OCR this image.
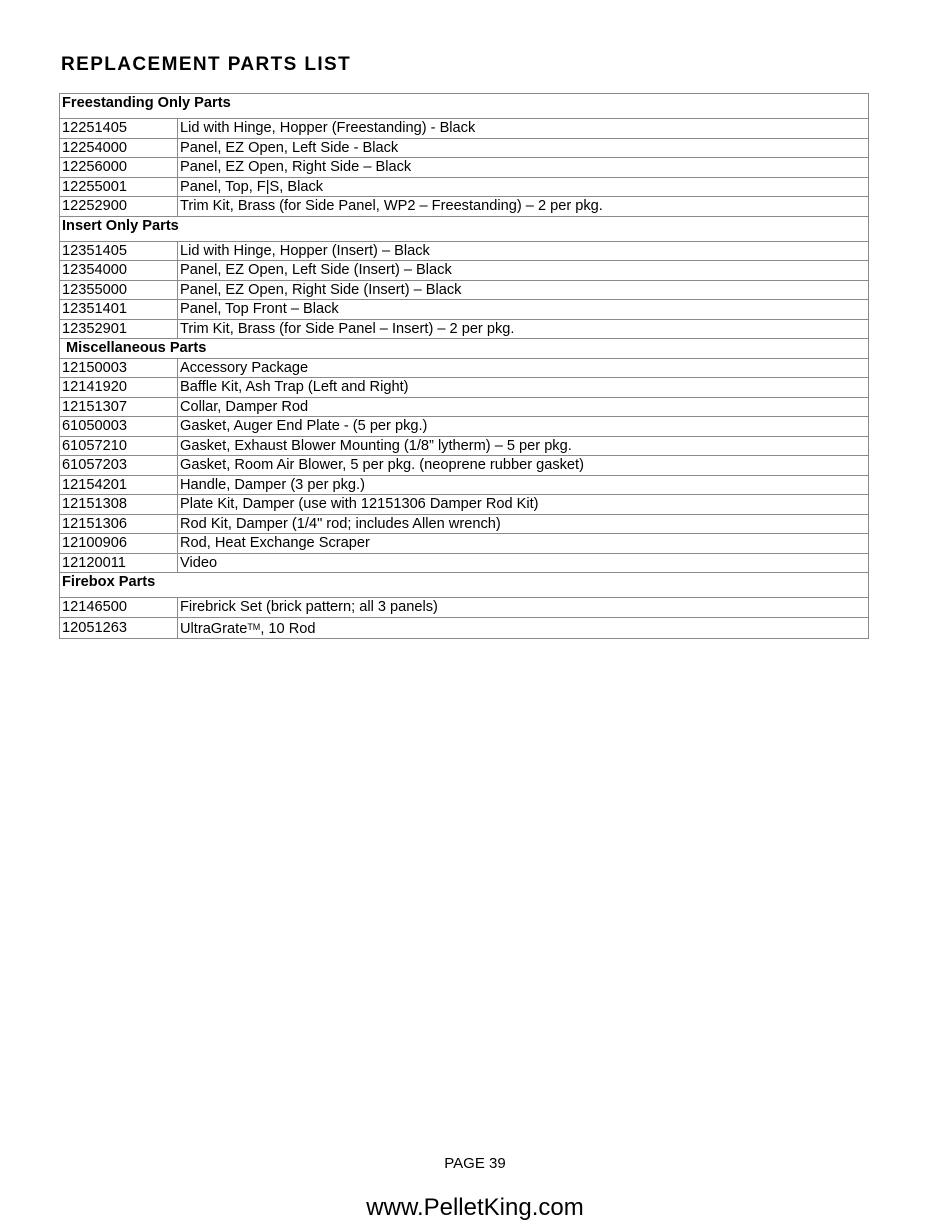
REPLACEMENT PARTS LIST
Freestanding Only Parts	
12251405	Lid with Hinge, Hopper (Freestanding) - Black
12254000	Panel, EZ Open, Left Side - Black
12256000	Panel, EZ Open, Right Side – Black
12255001	Panel, Top, F|S, Black
12252900	Trim Kit, Brass (for Side Panel, WP2 – Freestanding) – 2 per pkg.
Insert Only Parts	
12351405	Lid with Hinge, Hopper (Insert) – Black
12354000	Panel, EZ Open, Left Side (Insert) – Black
12355000	Panel, EZ Open, Right Side (Insert) – Black
12351401	Panel, Top Front – Black
12352901	Trim Kit, Brass (for Side Panel – Insert) – 2 per pkg.
Miscellaneous Parts	
12150003	Accessory Package
12141920	Baffle Kit, Ash Trap (Left and Right)
12151307	Collar, Damper Rod
61050003	Gasket, Auger End Plate - (5 per pkg.)
61057210	Gasket, Exhaust Blower Mounting (1/8” lytherm) – 5 per pkg.
61057203	Gasket, Room Air Blower, 5 per pkg. (neoprene rubber gasket)
12154201	Handle, Damper (3 per pkg.)
12151308	Plate Kit, Damper (use with 12151306 Damper Rod Kit)
12151306	Rod Kit, Damper (1/4" rod; includes Allen wrench)
12100906	Rod, Heat Exchange Scraper
12120011	Video
Firebox Parts	
12146500	Firebrick Set (brick pattern; all 3 panels)
12051263	UltraGrate™, 10 Rod
PAGE 39
www.PelletKing.com
